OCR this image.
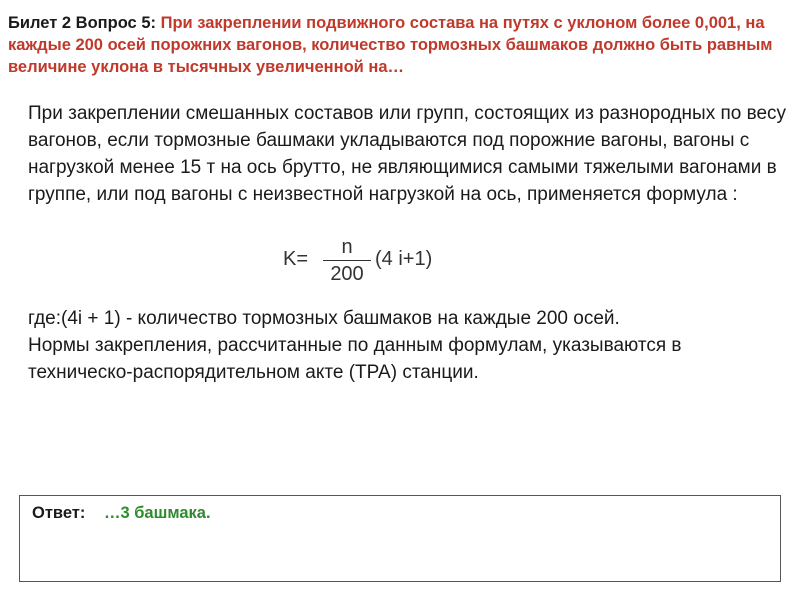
Билет 2 Вопрос 5: При закреплении подвижного состава на путях с уклоном более 0,001, на каждые 200 осей порожних вагонов, количество тормозных башмаков должно быть равным величине уклона в тысячных увеличенной на…

При закреплении смешанных составов или групп, состоящих из разнородных по весу вагонов, если тормозные башмаки укладываются под порожние вагоны, вагоны с нагрузкой менее 15 т на ось брутто, не являющимися самыми тяжелыми вагонами в группе, или под вагоны с неизвестной нагрузкой на ось, применяется формула :

K=
n
200
(4 i+1)

где:(4i + 1) - количество тормозных башмаков на каждые 200 осей.

Нормы закрепления, рассчитанные по данным формулам, указываются в техническо-распорядительном акте (ТРА) станции.

Ответ: …3 башмака.
